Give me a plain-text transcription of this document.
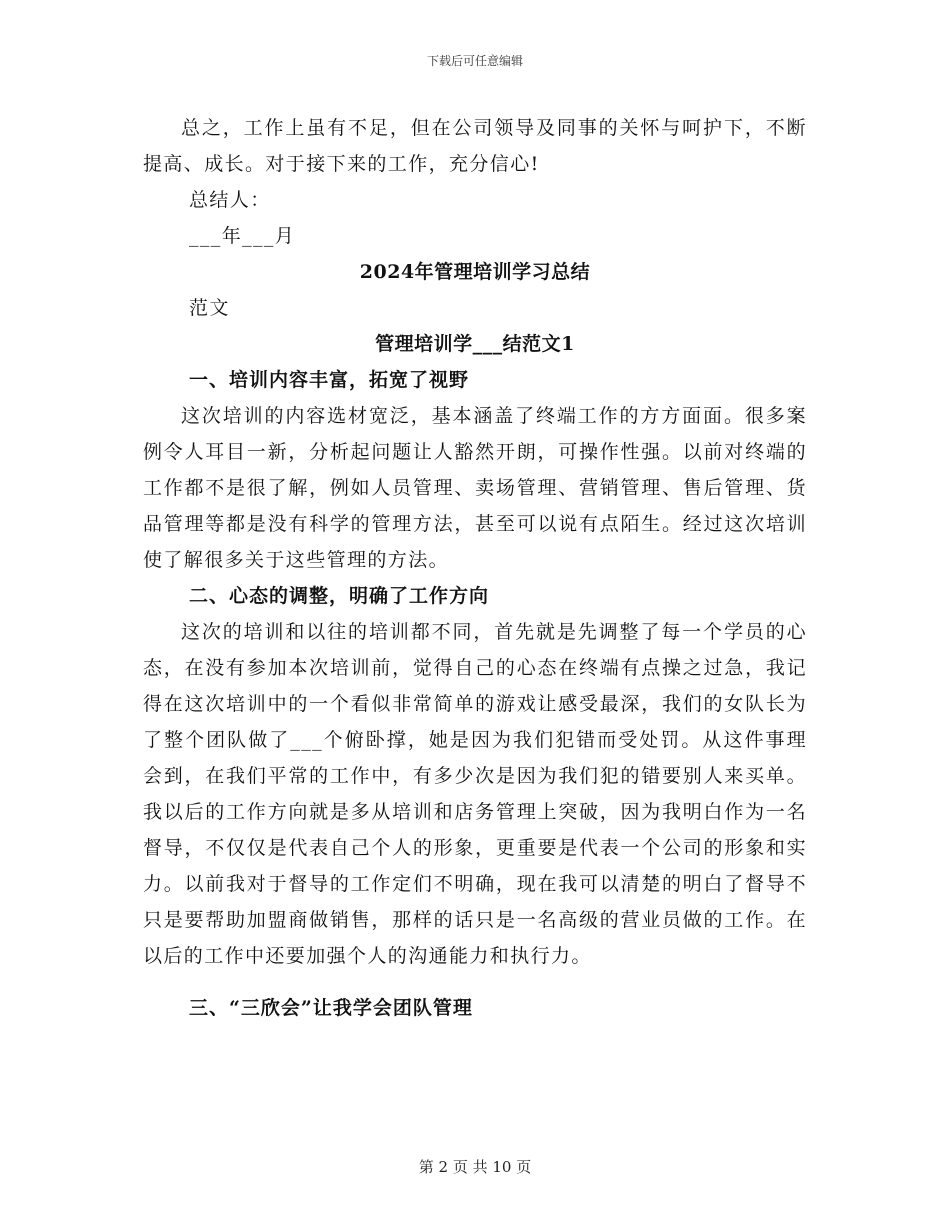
下载后可任意编辑

总之，工作上虽有不足，但在公司领导及同事的关怀与呵护下，不断提高、成长。对于接下来的工作，充分信心!

总结人：
___年___月
2024年管理培训学习总结
范文
管理培训学___结范文1
一、培训内容丰富，拓宽了视野

这次培训的内容选材宽泛，基本涵盖了终端工作的方方面面。很多案例令人耳目一新，分析起问题让人豁然开朗，可操作性强。以前对终端的工作都不是很了解，例如人员管理、卖场管理、营销管理、售后管理、货品管理等都是没有科学的管理方法，甚至可以说有点陌生。经过这次培训使了解很多关于这些管理的方法。

二、心态的调整，明确了工作方向

这次的培训和以往的培训都不同，首先就是先调整了每一个学员的心态，在没有参加本次培训前，觉得自己的心态在终端有点操之过急，我记得在这次培训中的一个看似非常简单的游戏让感受最深，我们的女队长为了整个团队做了___个俯卧撑，她是因为我们犯错而受处罚。从这件事理会到，在我们平常的工作中，有多少次是因为我们犯的错要别人来买单。我以后的工作方向就是多从培训和店务管理上突破，因为我明白作为一名督导，不仅仅是代表自己个人的形象，更重要是代表一个公司的形象和实力。以前我对于督导的工作定们不明确，现在我可以清楚的明白了督导不只是要帮助加盟商做销售，那样的话只是一名高级的营业员做的工作。在以后的工作中还要加强个人的沟通能力和执行力。

三、“三欣会”让我学会团队管理
第 2 页 共 10 页
